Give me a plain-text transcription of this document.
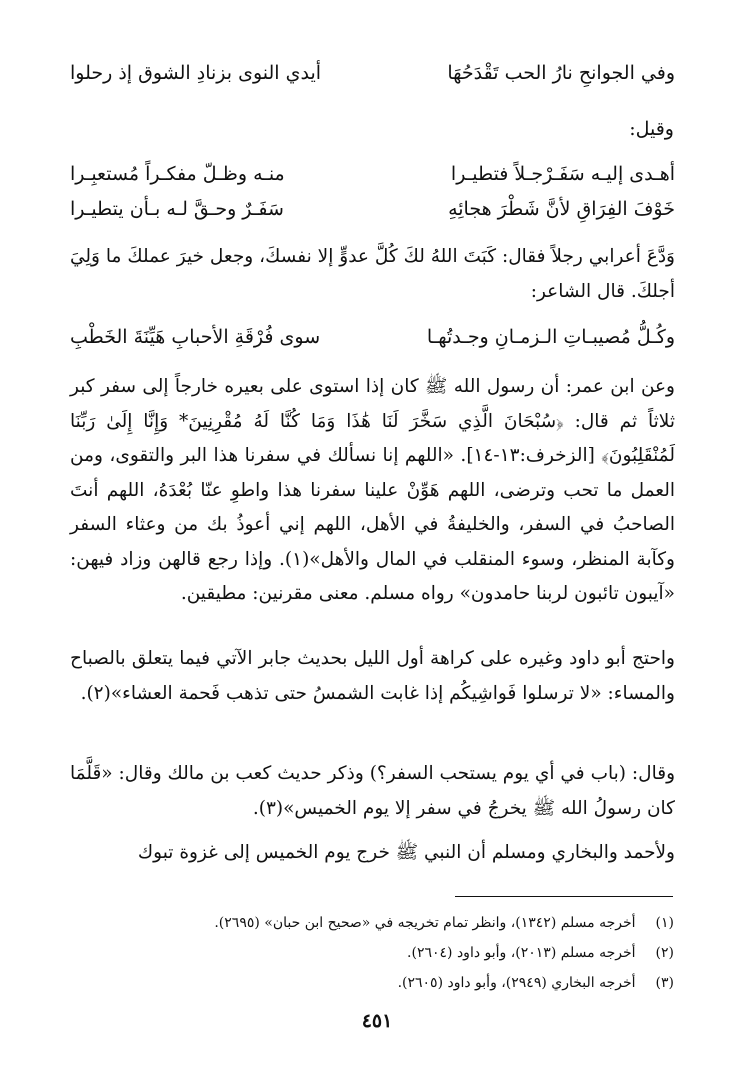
وفي الجوانحِ نارُ الحب تَقْدَحُهَا
أيدي النوى بزنادِ الشوق إذ رحلوا
وقيل:
أهـدى إليـه سَفَـرْجـلاً فتطيـرا
منـه وظـلّ مفكـراً مُستعبِـرا
خَوْفَ الفِرَاقِ لأنَّ شَطْرَ هجائِهِ
سَفَـرٌ وحـقَّ لـه بـأن يتطيـرا
وَدَّعَ أعرابي رجلاً فقال: كَبَتَ اللهُ لكَ كُلَّ عدوٍّ إلا نفسكَ، وجعل خيرَ عملكَ ما وَلِيَ أجلكَ. قال الشاعر:
وكُـلُّ مُصيبـاتِ الـزمـانِ وجـدتُهـا
سوى فُرْقَةِ الأحبابِ هَيِّنَةَ الخَطْبِ
وعن ابن عمر: أن رسول الله ﷺ كان إذا استوى على بعيره خارجاً إلى سفر كبر ثلاثاً ثم قال: ﴿سُبْحَانَ الَّذِي سَخَّرَ لَنَا هَٰذَا وَمَا كُنَّا لَهُ مُقْرِنِينَ* وَإِنَّا إِلَىٰ رَبِّنَا لَمُنْقَلِبُونَ﴾ [الزخرف:١٣-١٤]. «اللهم إنا نسألك في سفرنا هذا البر والتقوى، ومن العمل ما تحب وترضى، اللهم هَوِّنْ علينا سفرنا هذا واطوِ عنّا بُعْدَهُ، اللهم أنتَ الصاحبُ في السفر، والخليفةُ في الأهل، اللهم إني أعوذُ بك من وعثاء السفر وكآبة المنظر، وسوء المنقلب في المال والأهل»(١). وإذا رجع قالهن وزاد فيهن: «آيبون تائبون لربنا حامدون» رواه مسلم. معنى مقرنين: مطيقين.
واحتج أبو داود وغيره على كراهة أول الليل بحديث جابر الآتي فيما يتعلق بالصباح والمساء: «لا ترسلوا فَواشِيكُم إذا غابت الشمسُ حتى تذهب فَحمة العشاء»(٢).
وقال: (باب في أي يوم يستحب السفر؟) وذكر حديث كعب بن مالك وقال: «قَلَّمَا كان رسولُ الله ﷺ يخرجُ في سفر إلا يوم الخميس»(٣).
ولأحمد والبخاري ومسلم أن النبي ﷺ خرج يوم الخميس إلى غزوة تبوك
(١) أخرجه مسلم (١٣٤٢)، وانظر تمام تخريجه في «صحيح ابن حبان» (٢٦٩٥).
(٢) أخرجه مسلم (٢٠١٣)، وأبو داود (٢٦٠٤).
(٣) أخرجه البخاري (٢٩٤٩)، وأبو داود (٢٦٠٥).
٤٥١
